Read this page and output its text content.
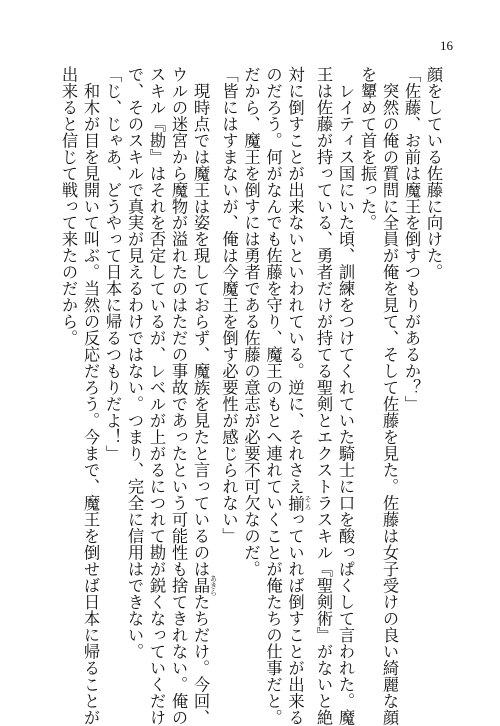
16
顔をしている佐藤に向けた。
「佐藤、お前は魔王を倒すつもりがあるか？」
　突然の俺の質問に全員が俺を見て、そして佐藤を見た。佐藤は女子受けの良い綺麗な顔
を顰めて首を振った。
　レイティス国にいた頃、訓練をつけてくれていた騎士に口を酸っぱくして言われた。魔
王は佐藤が持っている、勇者だけが持てる聖剣とエクストラスキル『聖剣術』がないと絶
対に倒すことが出来ないといわれている。逆に、それさえ揃 そろっていれば倒すことが出来る
のだろう。何がなんでも佐藤を守り、魔王のもとへ連れていくことが俺たちの仕事だと。
だから、魔王を倒すには勇者である佐藤の意志が必要不可欠なのだ。
「皆にはすまないが、俺は今魔王を倒す必要性が感じられない」
　現時点では魔王は姿を現しておらず、魔族を見たと言っているのは晶 あきらたちだけ。今回、
ウルの迷宮から魔物が溢れたのはただの事故であったという可能性も捨てきれない。俺の
スキル『勘』はそれを否定しているが、レベルが上がるにつれて勘が鋭くなっていくだけ
で、そのスキルで真実が見えるわけではない。つまり、完全に信用はできない。
「じ、じゃあ、どうやって日本に帰るつもりだよ！」
　和木が目を見開いて叫ぶ。当然の反応だろう。今まで、魔王を倒せば日本に帰ることが
出来ると信じて戦って来たのだから。
